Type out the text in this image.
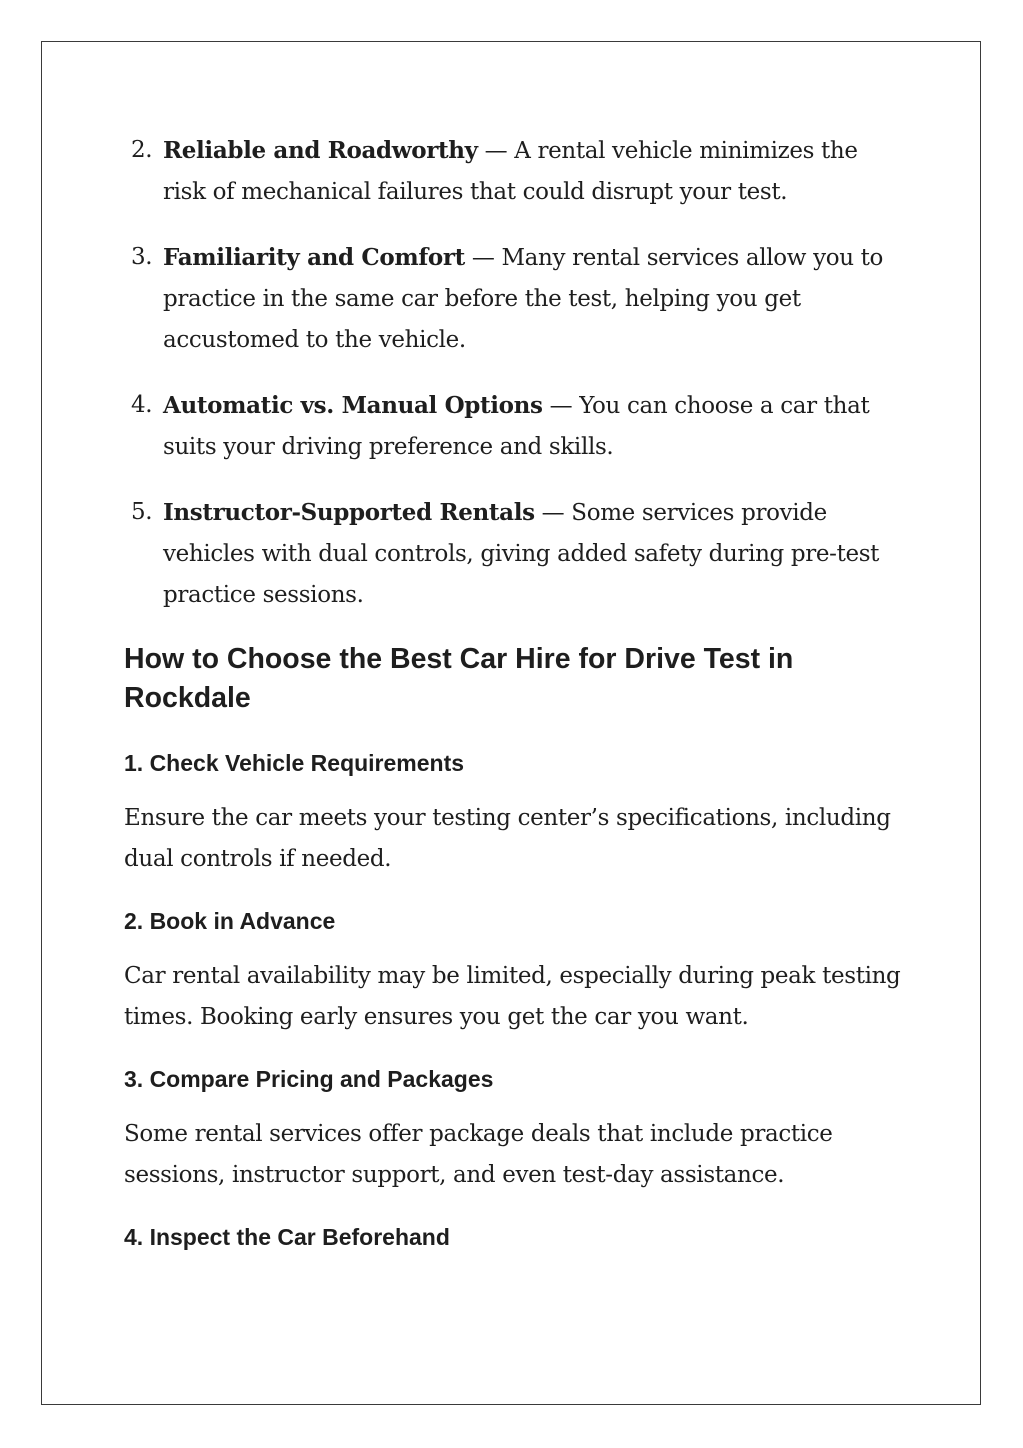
2. Reliable and Roadworthy — A rental vehicle minimizes the risk of mechanical failures that could disrupt your test.
3. Familiarity and Comfort — Many rental services allow you to practice in the same car before the test, helping you get accustomed to the vehicle.
4. Automatic vs. Manual Options — You can choose a car that suits your driving preference and skills.
5. Instructor-Supported Rentals — Some services provide vehicles with dual controls, giving added safety during pre-test practice sessions.
How to Choose the Best Car Hire for Drive Test in Rockdale
1. Check Vehicle Requirements

Ensure the car meets your testing center’s specifications, including dual controls if needed.

2. Book in Advance

Car rental availability may be limited, especially during peak testing times. Booking early ensures you get the car you want.

3. Compare Pricing and Packages

Some rental services offer package deals that include practice sessions, instructor support, and even test-day assistance.

4. Inspect the Car Beforehand
